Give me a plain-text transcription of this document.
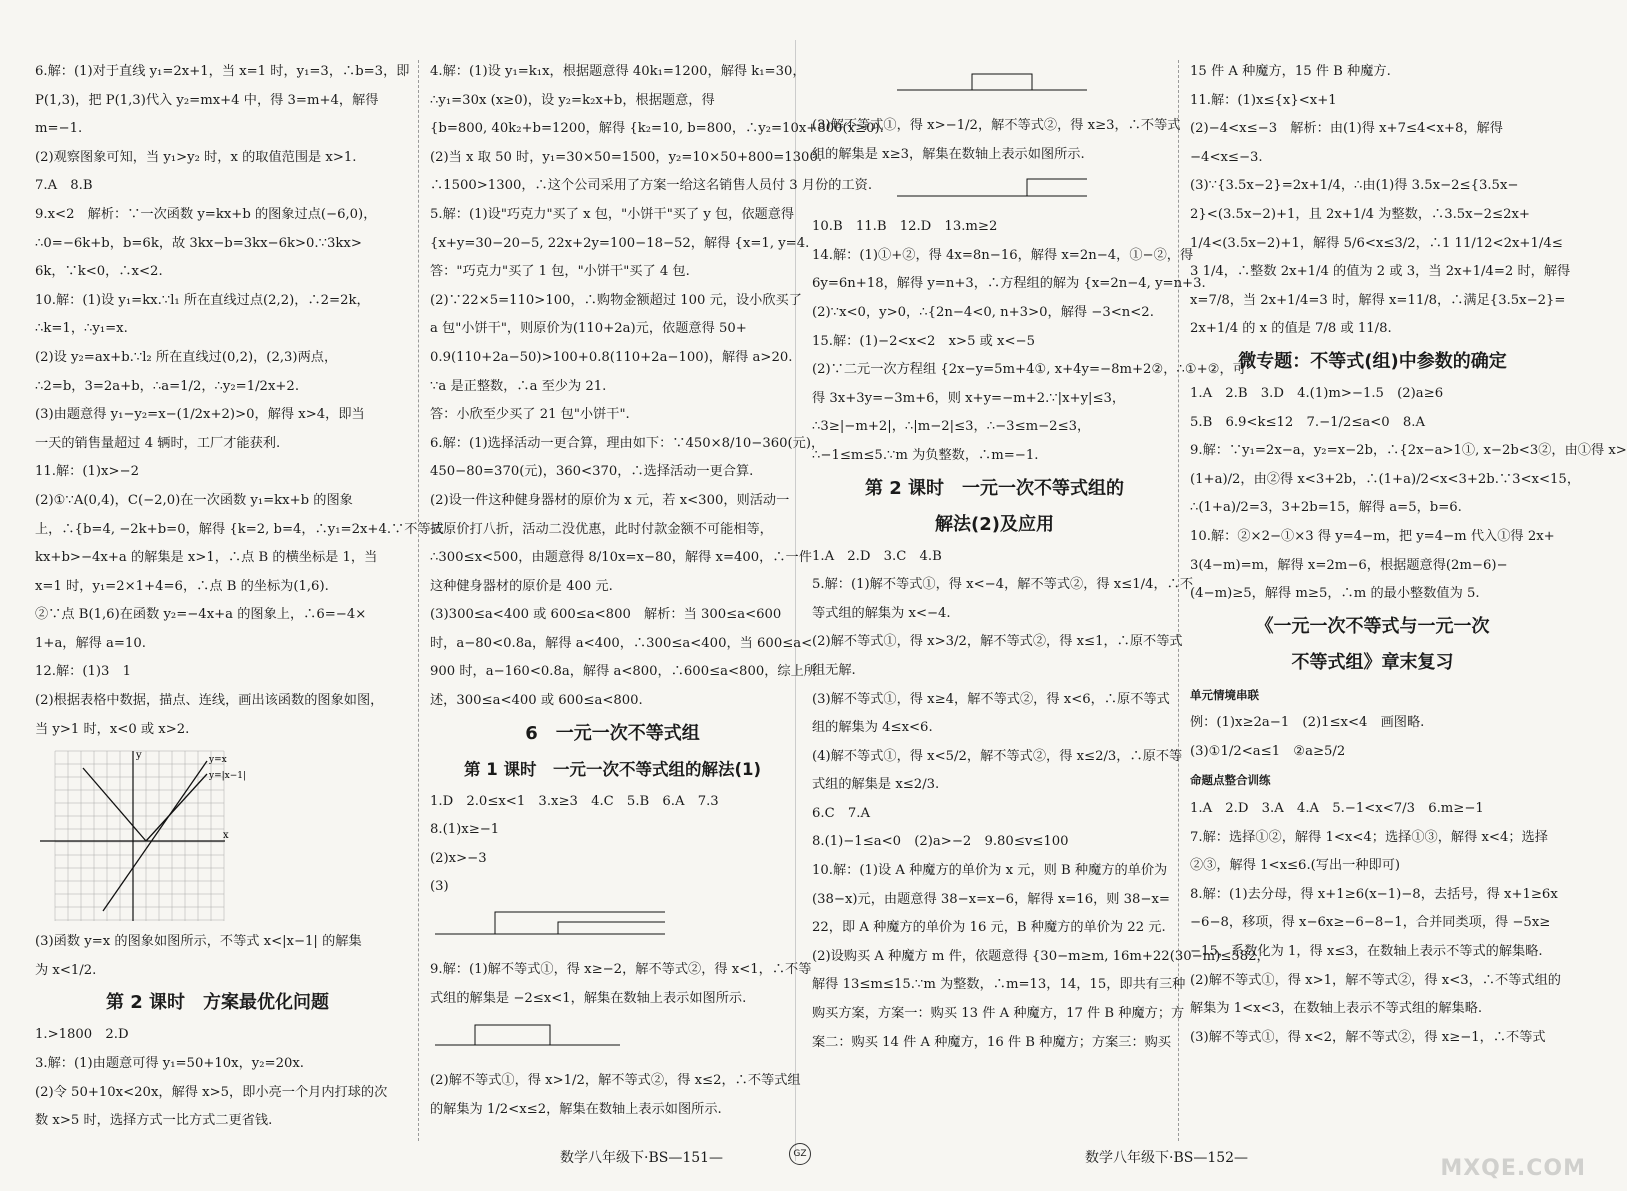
6.解：(1)对于直线 y₁=2x+1，当 x=1 时，y₁=3，∴b=3，即
P(1,3)，把 P(1,3)代入 y₂=mx+4 中，得 3=m+4，解得
m=−1.
(2)观察图象可知，当 y₁>y₂ 时，x 的取值范围是 x>1.
7.A　8.B
9.x<2　解析：∵一次函数 y=kx+b 的图象过点(−6,0)，
∴0=−6k+b，b=6k，故 3kx−b=3kx−6k>0.∵3kx>
6k，∵k<0，∴x<2.
10.解：(1)设 y₁=kx.∵l₁ 所在直线过点(2,2)，∴2=2k，
∴k=1，∴y₁=x.
(2)设 y₂=ax+b.∵l₂ 所在直线过(0,2)，(2,3)两点，
∴2=b，3=2a+b，∴a=1/2，∴y₂=1/2x+2.
(3)由题意得 y₁−y₂=x−(1/2x+2)>0，解得 x>4，即当
一天的销售量超过 4 辆时，工厂才能获利.
11.解：(1)x>−2
(2)①∵A(0,4)，C(−2,0)在一次函数 y₁=kx+b 的图象
上，∴{b=4, −2k+b=0，解得 {k=2, b=4，∴y₁=2x+4.∵不等式
kx+b>−4x+a 的解集是 x>1，∴点 B 的横坐标是 1，当
x=1 时，y₁=2×1+4=6，∴点 B 的坐标为(1,6).
②∵点 B(1,6)在函数 y₂=−4x+a 的图象上，∴6=−4×
1+a，解得 a=10.
12.解：(1)3　1
(2)根据表格中数据，描点、连线，画出该函数的图象如图，
当 y>1 时，x<0 或 x>2.
y=x
y=|x−1|
y
x
(3)函数 y=x 的图象如图所示，不等式 x<|x−1| 的解集
为 x<1/2.
第 2 课时　方案最优化问题
1.>1800　2.D
3.解：(1)由题意可得 y₁=50+10x，y₂=20x.
(2)令 50+10x<20x，解得 x>5，即小亮一个月内打球的次
数 x>5 时，选择方式一比方式二更省钱.
4.解：(1)设 y₁=k₁x，根据题意得 40k₁=1200，解得 k₁=30，
∴y₁=30x (x≥0)，设 y₂=k₂x+b，根据题意，得
{b=800, 40k₂+b=1200，解得 {k₂=10, b=800，∴y₂=10x+800(x≥0).
(2)当 x 取 50 时，y₁=30×50=1500，y₂=10×50+800=1300.
∴1500>1300，∴这个公司采用了方案一给这名销售人员付 3 月份的工资.
5.解：(1)设"巧克力"买了 x 包，"小饼干"买了 y 包，依题意得
{x+y=30−20−5, 22x+2y=100−18−52，解得 {x=1, y=4.
答："巧克力"买了 1 包，"小饼干"买了 4 包.
(2)∵22×5=110>100，∴购物金额超过 100 元，设小欣买了
a 包"小饼干"，则原价为(110+2a)元，依题意得 50+
0.9(110+2a−50)>100+0.8(110+2a−100)，解得 a>20.
∵a 是正整数，∴a 至少为 21.
答：小欣至少买了 21 包"小饼干".
6.解：(1)选择活动一更合算，理由如下：∵450×8/10−360(元)，
450−80=370(元)，360<370，∴选择活动一更合算.
(2)设一件这种健身器材的原价为 x 元，若 x<300，则活动一
按原价打八折，活动二没优惠，此时付款金额不可能相等，
∴300≤x<500，由题意得 8/10x=x−80，解得 x=400，∴一件
这种健身器材的原价是 400 元.
(3)300≤a<400 或 600≤a<800　解析：当 300≤a<600
时，a−80<0.8a，解得 a<400，∴300≤a<400，当 600≤a<
900 时，a−160<0.8a，解得 a<800，∴600≤a<800，综上所
述，300≤a<400 或 600≤a<800.
6　一元一次不等式组
第 1 课时　一元一次不等式组的解法(1)
1.D　2.0≤x<1　3.x≥3　4.C　5.B　6.A　7.3
8.(1)x≥−1
(2)x>−3
(3)
9.解：(1)解不等式①，得 x≥−2，解不等式②，得 x<1，∴不等
式组的解集是 −2≤x<1，解集在数轴上表示如图所示.
(2)解不等式①，得 x>1/2，解不等式②，得 x≤2，∴不等式组
的解集为 1/2<x≤2，解集在数轴上表示如图所示.
(3)解不等式①，得 x>−1/2，解不等式②，得 x≥3，∴不等式
组的解集是 x≥3，解集在数轴上表示如图所示.
10.B　11.B　12.D　13.m≥2
14.解：(1)①+②，得 4x=8n−16，解得 x=2n−4，①−②，得
6y=6n+18，解得 y=n+3，∴方程组的解为 {x=2n−4, y=n+3.
(2)∵x<0，y>0，∴{2n−4<0, n+3>0，解得 −3<n<2.
15.解：(1)−2<x<2　x>5 或 x<−5
(2)∵二元一次方程组 {2x−y=5m+4①, x+4y=−8m+2②，∴①+②，可
得 3x+3y=−3m+6，则 x+y=−m+2.∵|x+y|≤3，
∴3≥|−m+2|，∴|m−2|≤3，∴−3≤m−2≤3，
∴−1≤m≤5.∵m 为负整数，∴m=−1.
第 2 课时　一元一次不等式组的
解法(2)及应用
1.A　2.D　3.C　4.B
5.解：(1)解不等式①，得 x<−4，解不等式②，得 x≤1/4，∴不
等式组的解集为 x<−4.
(2)解不等式①，得 x>3/2，解不等式②，得 x≤1，∴原不等式
组无解.
(3)解不等式①，得 x≥4，解不等式②，得 x<6，∴原不等式
组的解集为 4≤x<6.
(4)解不等式①，得 x<5/2，解不等式②，得 x≤2/3，∴原不等
式组的解集是 x≤2/3.
6.C　7.A
8.(1)−1≤a<0　(2)a>−2　9.80≤v≤100
10.解：(1)设 A 种魔方的单价为 x 元，则 B 种魔方的单价为
(38−x)元，由题意得 38−x=x−6，解得 x=16，则 38−x=
22，即 A 种魔方的单价为 16 元，B 种魔方的单价为 22 元.
(2)设购买 A 种魔方 m 件，依题意得 {30−m≥m, 16m+22(30−m)≤582，
解得 13≤m≤15.∵m 为整数，∴m=13，14，15，即共有三种
购买方案，方案一：购买 13 件 A 种魔方，17 件 B 种魔方；方
案二：购买 14 件 A 种魔方，16 件 B 种魔方；方案三：购买
15 件 A 种魔方，15 件 B 种魔方.
11.解：(1)x≤{x}<x+1
(2)−4<x≤−3　解析：由(1)得 x+7≤4<x+8，解得
−4<x≤−3.
(3)∵{3.5x−2}=2x+1/4，∴由(1)得 3.5x−2≤{3.5x−
2}<(3.5x−2)+1，且 2x+1/4 为整数，∴3.5x−2≤2x+
1/4<(3.5x−2)+1，解得 5/6<x≤3/2，∴1 11/12<2x+1/4≤
3 1/4，∴整数 2x+1/4 的值为 2 或 3，当 2x+1/4=2 时，解得
x=7/8，当 2x+1/4=3 时，解得 x=11/8，∴满足{3.5x−2}=
2x+1/4 的 x 的值是 7/8 或 11/8.
微专题：不等式(组)中参数的确定
1.A　2.B　3.D　4.(1)m>−1.5　(2)a≥6
5.B　6.9<k≤12　7.−1/2≤a<0　8.A
9.解：∵y₁=2x−a，y₂=x−2b，∴{2x−a>1①, x−2b<3②，由①得 x>
(1+a)/2，由②得 x<3+2b，∴(1+a)/2<x<3+2b.∵3<x<15，
∴(1+a)/2=3，3+2b=15，解得 a=5，b=6.
10.解：②×2−①×3 得 y=4−m，把 y=4−m 代入①得 2x+
3(4−m)=m，解得 x=2m−6，根据题意得(2m−6)−
(4−m)≥5，解得 m≥5，∴m 的最小整数值为 5.
《一元一次不等式与一元一次
不等式组》章末复习
单元情境串联
例：(1)x≥2a−1　(2)1≤x<4　画图略.
(3)①1/2<a≤1　②a≥5/2
命题点整合训练
1.A　2.D　3.A　4.A　5.−1<x<7/3　6.m≥−1
7.解：选择①②，解得 1<x<4；选择①③，解得 x<4；选择
②③，解得 1<x≤6.(写出一种即可)
8.解：(1)去分母，得 x+1≥6(x−1)−8，去括号，得 x+1≥6x
−6−8，移项，得 x−6x≥−6−8−1，合并同类项，得 −5x≥
−15，系数化为 1，得 x≤3，在数轴上表示不等式的解集略.
(2)解不等式①，得 x>1，解不等式②，得 x<3，∴不等式组的
解集为 1<x<3，在数轴上表示不等式组的解集略.
(3)解不等式①，得 x<2，解不等式②，得 x≥−1，∴不等式
数学八年级下·BS—151—	GZ	数学八年级下·BS—152—	MXQE.COM
